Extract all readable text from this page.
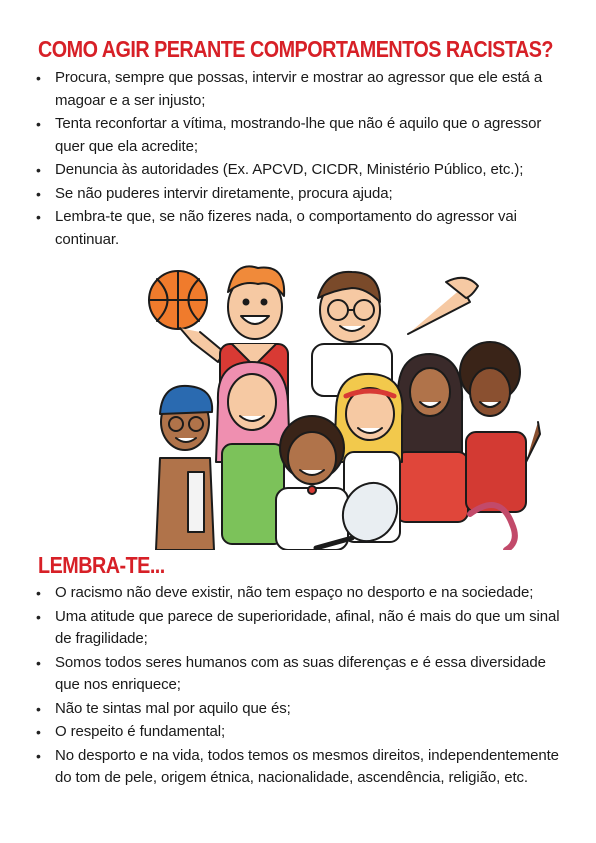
COMO AGIR PERANTE COMPORTAMENTOS RACISTAS?
• Procura, sempre que possas, intervir e mostrar ao agressor que ele está a magoar e a ser injusto;
• Tenta reconfortar a vítima, mostrando-lhe que não é aquilo que o agressor quer que ela acredite;
• Denuncia às autoridades (Ex. APCVD, CICDR, Ministério Público, etc.);
• Se não puderes intervir diretamente, procura ajuda;
• Lembra-te que, se não fizeres nada, o comportamento do agressor vai continuar.
LEMBRA-TE...
• O racismo não deve existir, não tem espaço no desporto e na sociedade;
• Uma atitude que parece de superioridade, afinal, não é mais do que um sinal de fragilidade;
• Somos todos seres humanos com as suas diferenças e é essa diversidade que nos enriquece;
• Não te sintas mal por aquilo que és;
• O respeito é fundamental;
• No desporto e na vida, todos temos os mesmos direitos, independentemente do tom de pele, origem étnica, nacionalidade, ascendência, religião, etc.
